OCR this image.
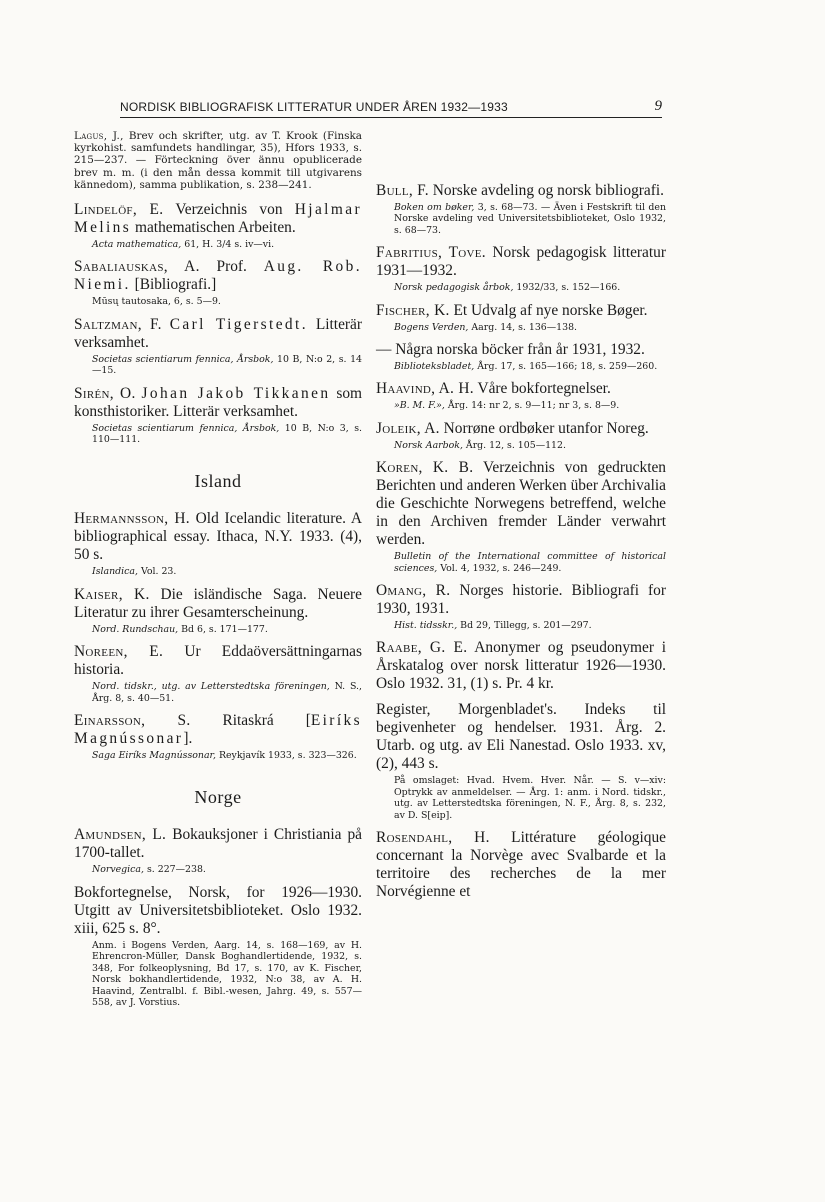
NORDISK BIBLIOGRAFISK LITTERATUR UNDER ÅREN 1932—1933	9
Lagus, J., Brev och skrifter, utg. av T. Krook (Finska kyrkohist. samfundets handlingar, 35), Hfors 1933, s. 215—237. — Förteckning över ännu opublicerade brev m. m. (i den mån dessa kommit till utgivarens kännedom), samma publikation, s. 238—241.
Lindelöf, E. Verzeichnis von Hjalmar Melins mathematischen Arbeiten.
Acta mathematica, 61, H. 3/4 s. iv—vi.
Sabaliauskas, A. Prof. Aug. Rob. Niemi. [Bibliografi.]
Mūsų tautosaka, 6, s. 5—9.
Saltzman, F. Carl Tigerstedt. Litterär verksamhet.
Societas scientiarum fennica, Årsbok, 10 B, N:o 2, s. 14—15.
Sirén, O. Johan Jakob Tikkanen som konsthistoriker. Litterär verksamhet.
Societas scientiarum fennica, Årsbok, 10 B, N:o 3, s. 110—111.
Island
Hermannsson, H. Old Icelandic literature. A bibliographical essay. Ithaca, N.Y. 1933. (4), 50 s.
Islandica, Vol. 23.
Kaiser, K. Die isländische Saga. Neuere Literatur zu ihrer Gesamterscheinung.
Nord. Rundschau, Bd 6, s. 171—177.
Noreen, E. Ur Eddaöversättningarnas historia.
Nord. tidskr., utg. av Letterstedtska föreningen, N. S., Årg. 8, s. 40—51.
Einarsson, S. Ritaskrá [Eiríks Magnússonar].
Saga Eiríks Magnússonar, Reykjavík 1933, s. 323—326.
Norge
Amundsen, L. Bokauksjoner i Christiania på 1700-tallet.
Norvegica, s. 227—238.
Bokfortegnelse, Norsk, for 1926—1930. Utgitt av Universitetsbiblioteket. Oslo 1932. xiii, 625 s. 8°.
Anm. i Bogens Verden, Aarg. 14, s. 168—169, av H. Ehrencron-Müller, Dansk Boghandlertidende, 1932, s. 348, For folkeoplysning, Bd 17, s. 170, av K. Fischer, Norsk bokhandlertidende, 1932, N:o 38, av A. H. Haavind, Zentralbl. f. Bibl.-wesen, Jahrg. 49, s. 557—558, av J. Vorstius.
Bull, F. Norske avdeling og norsk bibliografi.
Boken om bøker, 3, s. 68—73. — Även i Festskrift til den Norske avdeling ved Universitetsbiblioteket, Oslo 1932, s. 68—73.
Fabritius, Tove. Norsk pedagogisk litteratur 1931—1932.
Norsk pedagogisk årbok, 1932/33, s. 152—166.
Fischer, K. Et Udvalg af nye norske Bøger.
Bogens Verden, Aarg. 14, s. 136—138.
— Några norska böcker från år 1931, 1932.
Biblioteksbladet, Årg. 17, s. 165—166; 18, s. 259—260.
Haavind, A. H. Våre bokfortegnelser.
»B. M. F.», Årg. 14: nr 2, s. 9—11; nr 3, s. 8—9.
Joleik, A. Norrøne ordbøker utanfor Noreg.
Norsk Aarbok, Årg. 12, s. 105—112.
Koren, K. B. Verzeichnis von gedruckten Berichten und anderen Werken über Archivalia die Geschichte Norwegens betreffend, welche in den Archiven fremder Länder verwahrt werden.
Bulletin of the International committee of historical sciences, Vol. 4, 1932, s. 246—249.
Omang, R. Norges historie. Bibliografi for 1930, 1931.
Hist. tidsskr., Bd 29, Tillegg, s. 201—297.
Raabe, G. E. Anonymer og pseudonymer i Årskatalog over norsk litteratur 1926—1930. Oslo 1932. 31, (1) s. Pr. 4 kr.
Register, Morgenbladet's. Indeks til begivenheter og hendelser. 1931. Årg. 2. Utarb. og utg. av Eli Nanestad. Oslo 1933. xv, (2), 443 s.
På omslaget: Hvad. Hvem. Hver. Når. — S. v—xiv: Optrykk av anmeldelser. — Årg. 1: anm. i Nord. tidskr., utg. av Letterstedtska föreningen, N. F., Årg. 8, s. 232, av D. S[eip].
Rosendahl, H. Littérature géologique concernant la Norvège avec Svalbarde et la territoire des recherches de la mer Norvégienne et
